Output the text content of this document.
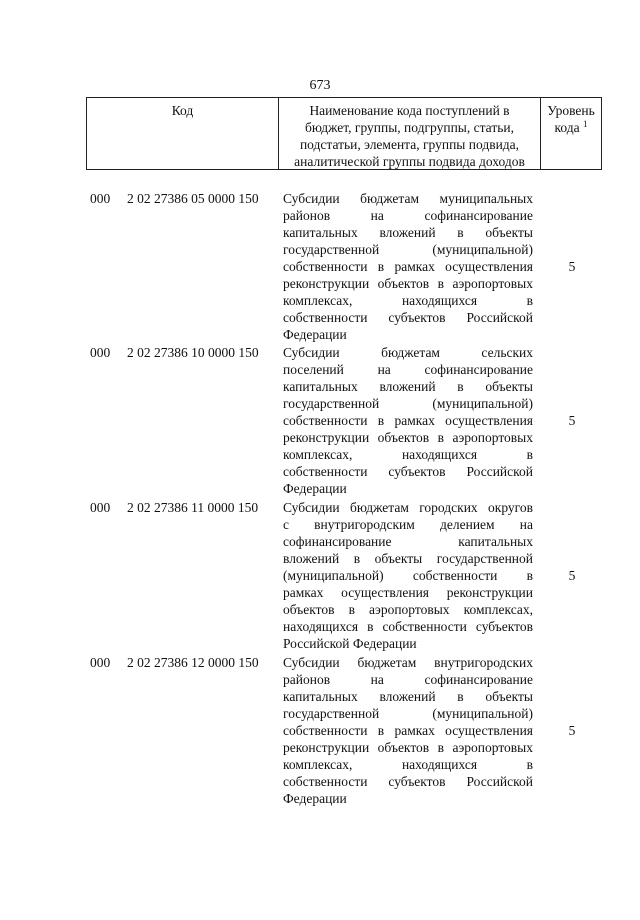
673
Код	Наименование кода поступлений в
бюджет, группы, подгруппы, статьи,
подстатьи, элемента, группы подвида,
аналитической группы подвида доходов
Уровень
кода $^1$
000 2 02 27386 05 0000 150 Субсидии бюджетам муниципальных
районов на софинансирование
капитальных вложений в объекты
государственной (муниципальной)
собственности в рамках осуществления
реконструкции объектов в аэропортовых
комплексах, находящихся в
собственности субъектов Российской
Федерации
5
000 2 02 27386 10 0000 150 Субсидии бюджетам сельских
поселений на софинансирование
капитальных вложений в объекты
государственной (муниципальной)
собственности в рамках осуществления
реконструкции объектов в аэропортовых
комплексах, находящихся в
собственности субъектов Российской
Федерации
5
000 2 02 27386 11 0000 150 Субсидии бюджетам городских округов
с внутригородским делением на
софинансирование капитальных
вложений в объекты государственной
(муниципальной) собственности в
рамках осуществления реконструкции
объектов в аэропортовых комплексах,
находящихся в собственности субъектов
Российской Федерации
5
000 2 02 27386 12 0000 150 Субсидии бюджетам внутригородских
районов на софинансирование
капитальных вложений в объекты
государственной (муниципальной)
собственности в рамках осуществления
реконструкции объектов в аэропортовых
комплексах, находящихся в
собственности субъектов Российской
Федерации
5
